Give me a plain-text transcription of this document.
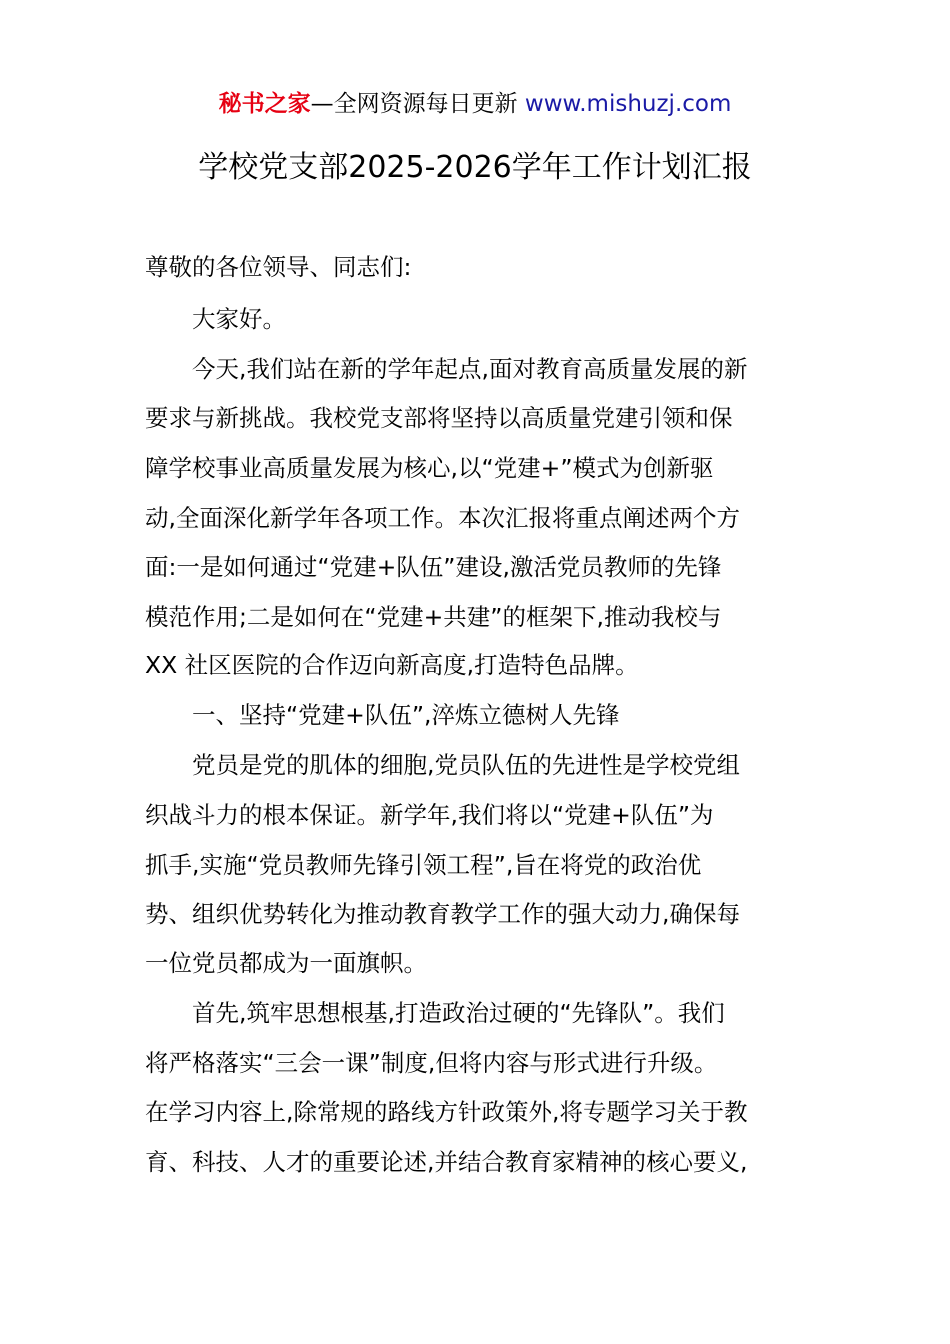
秘书之家—全网资源每日更新 www.mishuzj.com
学校党支部2025-2026学年工作计划汇报
尊敬的各位领导、同志们:
大家好。
今天,我们站在新的学年起点,面对教育高质量发展的新
要求与新挑战。我校党支部将坚持以高质量党建引领和保
障学校事业高质量发展为核心,以“党建+”模式为创新驱
动,全面深化新学年各项工作。本次汇报将重点阐述两个方
面:一是如何通过“党建+队伍”建设,激活党员教师的先锋
模范作用;二是如何在“党建+共建”的框架下,推动我校与
XX 社区医院的合作迈向新高度,打造特色品牌。
一、坚持“党建+队伍”,淬炼立德树人先锋
党员是党的肌体的细胞,党员队伍的先进性是学校党组
织战斗力的根本保证。新学年,我们将以“党建+队伍”为
抓手,实施“党员教师先锋引领工程”,旨在将党的政治优
势、组织优势转化为推动教育教学工作的强大动力,确保每
一位党员都成为一面旗帜。
首先,筑牢思想根基,打造政治过硬的“先锋队”。我们
将严格落实“三会一课”制度,但将内容与形式进行升级。
在学习内容上,除常规的路线方针政策外,将专题学习关于教
育、科技、人才的重要论述,并结合教育家精神的核心要义,
